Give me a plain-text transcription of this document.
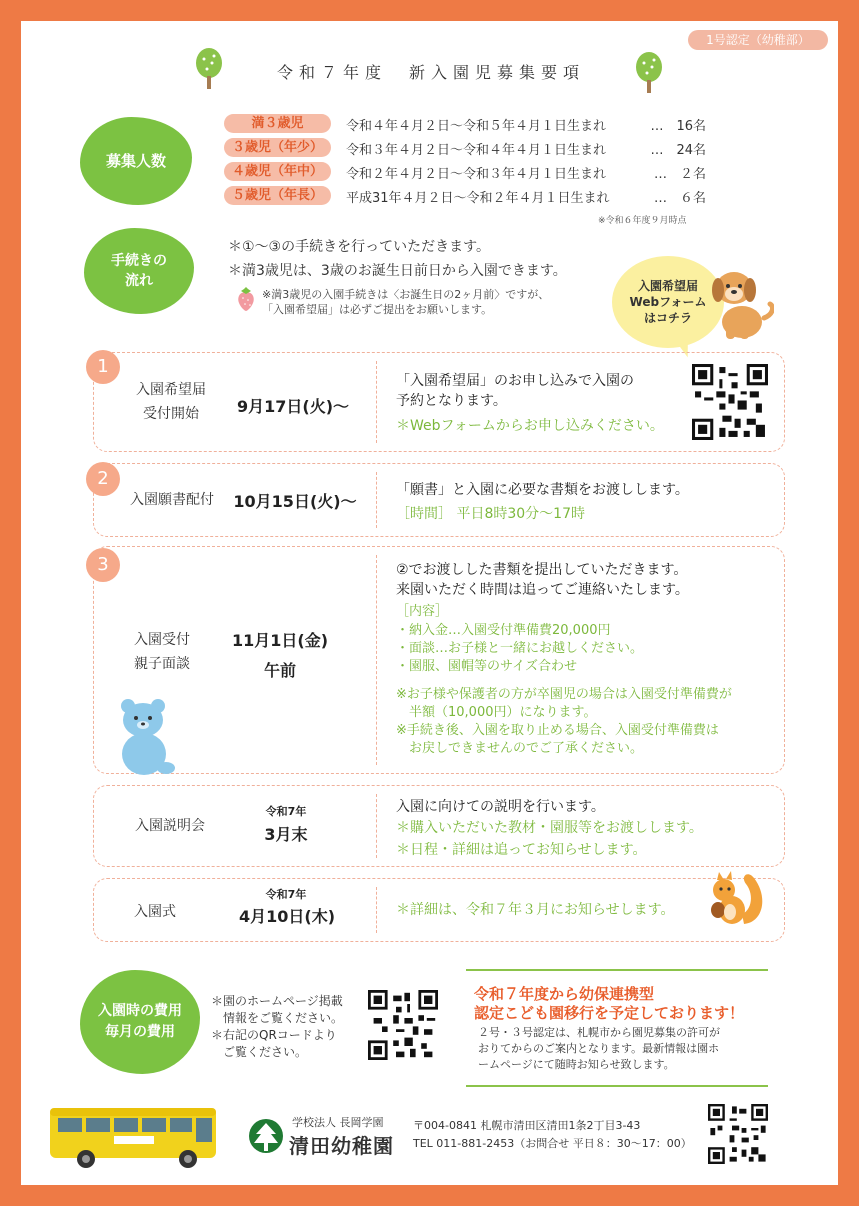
1号認定（幼稚部）
令和７年度　新入園児募集要項
募集人数
満３歳児	令和４年４月２日～令和５年４月１日生まれ	…　16名
３歳児（年少）	令和３年４月２日～令和４年４月１日生まれ	…　24名
４歳児（年中）	令和２年４月２日～令和３年４月１日生まれ	…　２名
５歳児（年長）	平成31年４月２日～令和２年４月１日生まれ	…　６名
※令和６年度９月時点
手続きの
流れ
＊①～③の手続きを行っていただきます。
＊満3歳児は、3歳のお誕生日前日から入園できます。
※満3歳児の入園手続きは〈お誕生日の2ヶ月前〉ですが、
「入園希望届」は必ずご提出をお願いします。
入園希望届
Webフォーム
はコチラ
1
入園希望届
受付開始	9月17日(火)～
「入園希望届」のお申し込みで入園の
予約となります。
＊Webフォームからお申し込みください。
2
入園願書配付	10月15日(火)～
「願書」と入園に必要な書類をお渡しします。
［時間］ 平日8時30分～17時
3
入園受付
親子面談
11月1日(金)
午前
②でお渡しした書類を提出していただきます。
来園いただく時間は追ってご連絡いたします。
［内容］
・納入金…入園受付準備費20,000円
・面談…お子様と一緒にお越しください。
・園服、園帽等のサイズ合わせ
※お子様や保護者の方が卒園児の場合は入園受付準備費が
　半額（10,000円）になります。
※手続き後、入園を取り止める場合、入園受付準備費は
　お戻しできませんのでご了承ください。
入園説明会
令和7年
3月末
入園に向けての説明を行います。
＊購入いただいた教材・園服等をお渡しします。
＊日程・詳細は追ってお知らせします。
入園式
令和7年
4月10日(木)	＊詳細は、令和７年３月にお知らせします。
入園時の費用
毎月の費用
＊園のホームページ掲載
　情報をご覧ください。
＊右記のQRコードより
　ご覧ください。
令和７年度から幼保連携型
認定こども園移行を予定しております！
２号・３号認定は、札幌市から園児募集の許可が
おりてからのご案内となります。最新情報は園ホ
ームページにて随時お知らせ致します。
学校法人 長岡学園
清田幼稚園
〒004-0841 札幌市清田区清田1条2丁目3-43
TEL 011-881-2453（お問合せ 平日８：30～17：00）
